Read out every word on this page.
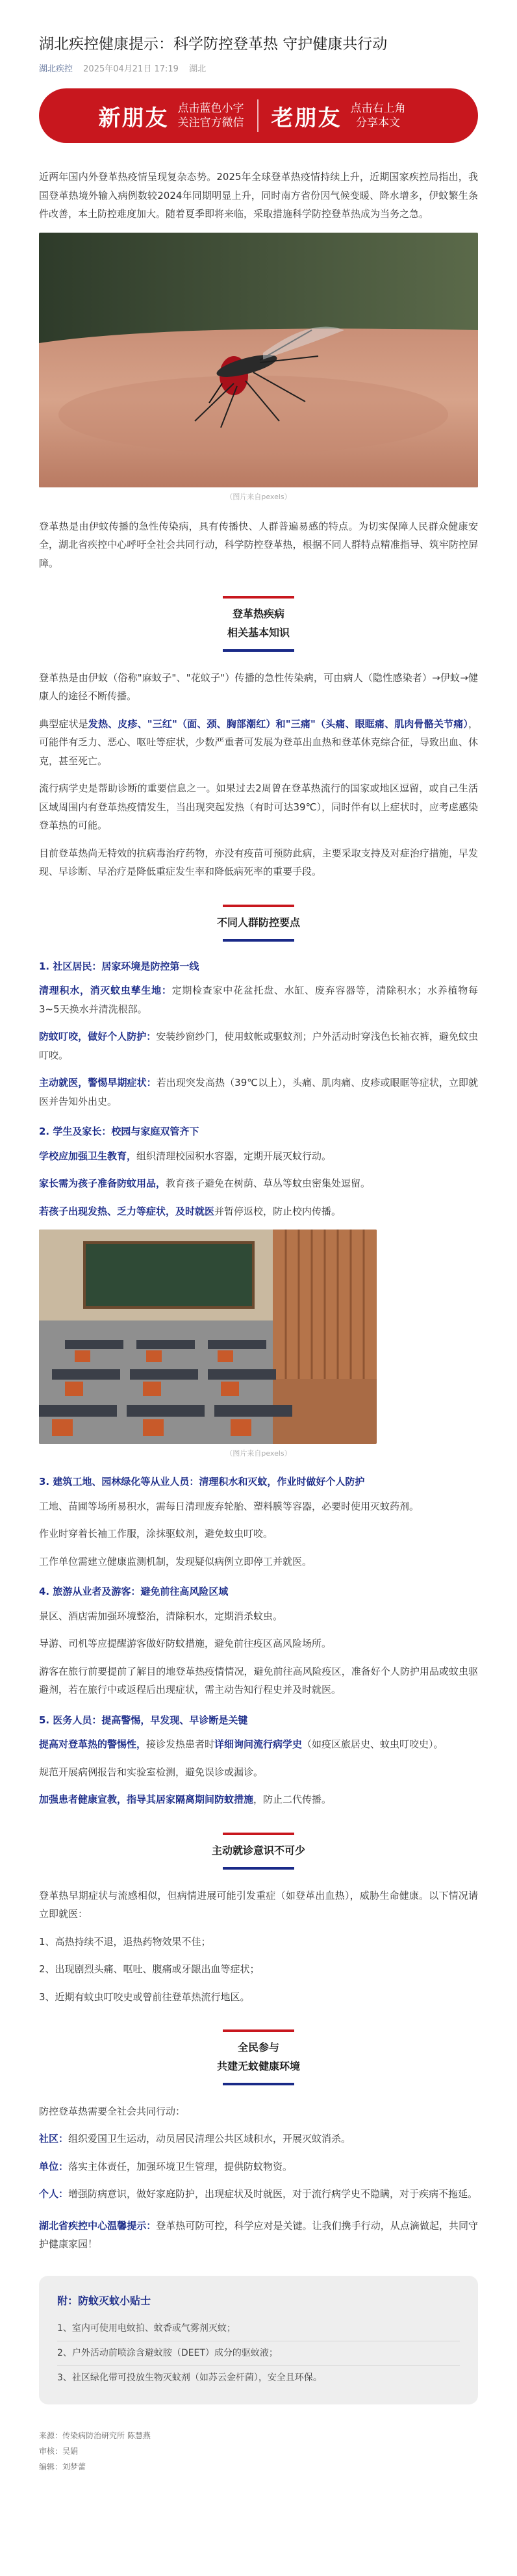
湖北疾控健康提示：科学防控登革热 守护健康共行动
湖北疾控 2025年04月21日 17:19 湖北
新朋友 点击蓝色小字
关注官方微信 老朋友 点击右上角
分享本文

近两年国内外登革热疫情呈现复杂态势。2025年全球登革热疫情持续上升，近期国家疾控局指出，我国登革热境外输入病例数较2024年同期明显上升，同时南方省份因气候变暖、降水增多，伊蚊繁生条件改善，本土防控难度加大。随着夏季即将来临，采取措施科学防控登革热成为当务之急。

（图片来自pexels）

登革热是由伊蚊传播的急性传染病，具有传播快、人群普遍易感的特点。为切实保障人民群众健康安全，湖北省疾控中心呼吁全社会共同行动，科学防控登革热，根据不同人群特点精准指导、筑牢防控屏障。

登革热疾病
相关基本知识

登革热是由伊蚊（俗称"麻蚊子"、"花蚊子"）传播的急性传染病，可由病人（隐性感染者）→伊蚊→健康人的途径不断传播。

典型症状是发热、皮疹、"三红"（面、颈、胸部潮红）和"三痛"（头痛、眼眶痛、肌肉骨骼关节痛），可能伴有乏力、恶心、呕吐等症状，少数严重者可发展为登革出血热和登革休克综合征，导致出血、休克，甚至死亡。

流行病学史是帮助诊断的重要信息之一。如果过去2周曾在登革热流行的国家或地区逗留，或自己生活区域周围内有登革热疫情发生，当出现突起发热（有时可达39℃），同时伴有以上症状时，应考虑感染登革热的可能。

目前登革热尚无特效的抗病毒治疗药物，亦没有疫苗可预防此病，主要采取支持及对症治疗措施，早发现、早诊断、早治疗是降低重症发生率和降低病死率的重要手段。

不同人群防控要点
1. 社区居民：居家环境是防控第一线

清理积水，消灭蚊虫孳生地：定期检查家中花盆托盘、水缸、废弃容器等，清除积水；水养植物每3~5天换水并清洗根部。

防蚊叮咬，做好个人防护：安装纱窗纱门，使用蚊帐或驱蚊剂；户外活动时穿浅色长袖衣裤，避免蚊虫叮咬。

主动就医，警惕早期症状：若出现突发高热（39℃以上），头痛、肌肉痛、皮疹或眼眶等症状，立即就医并告知外出史。

2. 学生及家长：校园与家庭双管齐下

学校应加强卫生教育，组织清理校园积水容器，定期开展灭蚊行动。

家长需为孩子准备防蚊用品，教育孩子避免在树荫、草丛等蚊虫密集处逗留。

若孩子出现发热、乏力等症状，及时就医并暂停返校，防止校内传播。

（图片来自pexels）
3. 建筑工地、园林绿化等从业人员：清理积水和灭蚊，作业时做好个人防护

工地、苗圃等场所易积水，需每日清理废弃轮胎、塑料膜等容器，必要时使用灭蚊药剂。

作业时穿着长袖工作服，涂抹驱蚊剂，避免蚊虫叮咬。

工作单位需建立健康监测机制，发现疑似病例立即停工并就医。

4. 旅游从业者及游客：避免前往高风险区域

景区、酒店需加强环境整治，清除积水，定期消杀蚊虫。

导游、司机等应提醒游客做好防蚊措施，避免前往疫区高风险场所。

游客在旅行前要提前了解目的地登革热疫情情况，避免前往高风险疫区，准备好个人防护用品或蚊虫驱避剂，若在旅行中或返程后出现症状，需主动告知行程史并及时就医。

5. 医务人员：提高警惕，早发现、早诊断是关键

提高对登革热的警惕性，接诊发热患者时详细询问流行病学史（如疫区旅居史、蚊虫叮咬史）。

规范开展病例报告和实验室检测，避免误诊或漏诊。

加强患者健康宣教，指导其居家隔离期间防蚊措施，防止二代传播。

主动就诊意识不可少

登革热早期症状与流感相似，但病情进展可能引发重症（如登革出血热），威胁生命健康。以下情况请立即就医：

1、高热持续不退，退热药物效果不佳；

2、出现剧烈头痛、呕吐、腹痛或牙龈出血等症状；

3、近期有蚊虫叮咬史或曾前往登革热流行地区。

全民参与
共建无蚊健康环境

防控登革热需要全社会共同行动：

社区：组织爱国卫生运动，动员居民清理公共区域积水，开展灭蚊消杀。

单位：落实主体责任，加强环境卫生管理，提供防蚊物资。

个人：增强防病意识，做好家庭防护，出现症状及时就医，对于流行病学史不隐瞒，对于疾病不拖延。

湖北省疾控中心温馨提示：登革热可防可控，科学应对是关键。让我们携手行动，从点滴做起，共同守护健康家园！

附：防蚊灭蚊小贴士
1、室内可使用电蚊拍、蚊香或气雾剂灭蚊；
2、户外活动前喷涂含避蚊胺（DEET）成分的驱蚊液；
3、社区绿化带可投放生物灭蚊剂（如苏云金杆菌），安全且环保。
来源：传染病防治研究所 陈慧燕
审核：吴娟
编辑：刘梦蕾
